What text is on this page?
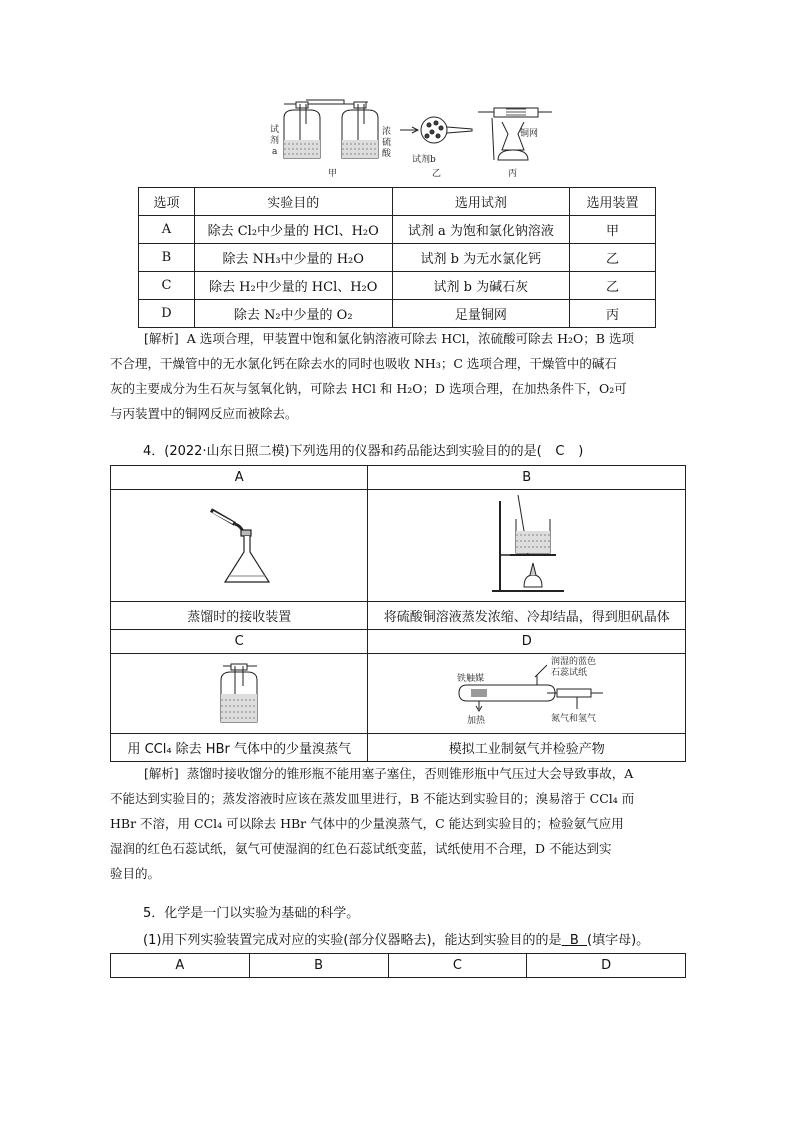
试
剂
a
浓
硫
酸
甲
试剂b
乙
铜网
丙
选项	实验目的	选用试剂	选用装置
A	除去 Cl₂中少量的 HCl、H₂O	试剂 a 为饱和氯化钠溶液	甲
B	除去 NH₃中少量的 H₂O	试剂 b 为无水氯化钙	乙
C	除去 H₂中少量的 HCl、H₂O	试剂 b 为碱石灰	乙
D	除去 N₂中少量的 O₂	足量铜网	丙
[解析] A 选项合理，甲装置中饱和氯化钠溶液可除去 HCl，浓硫酸可除去 H₂O；B 选项
不合理，干燥管中的无水氯化钙在除去水的同时也吸收 NH₃；C 选项合理，干燥管中的碱石
灰的主要成分为生石灰与氢氧化钠，可除去 HCl 和 H₂O；D 选项合理，在加热条件下，O₂可
与丙装置中的铜网反应而被除去。
4．(2022·山东日照二模)下列选用的仪器和药品能达到实验目的的是( C )
A	B

蒸馏时的接收装置	将硫酸铜溶液蒸发浓缩、冷却结晶，得到胆矾晶体
C	D

润湿的蓝色
石蕊试纸
铁触媒
加热 氮气和氢气

用 CCl₄ 除去 HBr 气体中的少量溴蒸气	模拟工业制氨气并检验产物
[解析] 蒸馏时接收馏分的锥形瓶不能用塞子塞住，否则锥形瓶中气压过大会导致事故，A
不能达到实验目的；蒸发溶液时应该在蒸发皿里进行，B 不能达到实验目的；溴易溶于 CCl₄ 而
HBr 不溶，用 CCl₄ 可以除去 HBr 气体中的少量溴蒸气，C 能达到实验目的；检验氨气应用
湿润的红色石蕊试纸，氨气可使湿润的红色石蕊试纸变蓝，试纸使用不合理，D 不能达到实
验目的。
5．化学是一门以实验为基础的科学。
(1)用下列实验装置完成对应的实验(部分仪器略去)，能达到实验目的的是 B (填字母)。
A	B	C	D
